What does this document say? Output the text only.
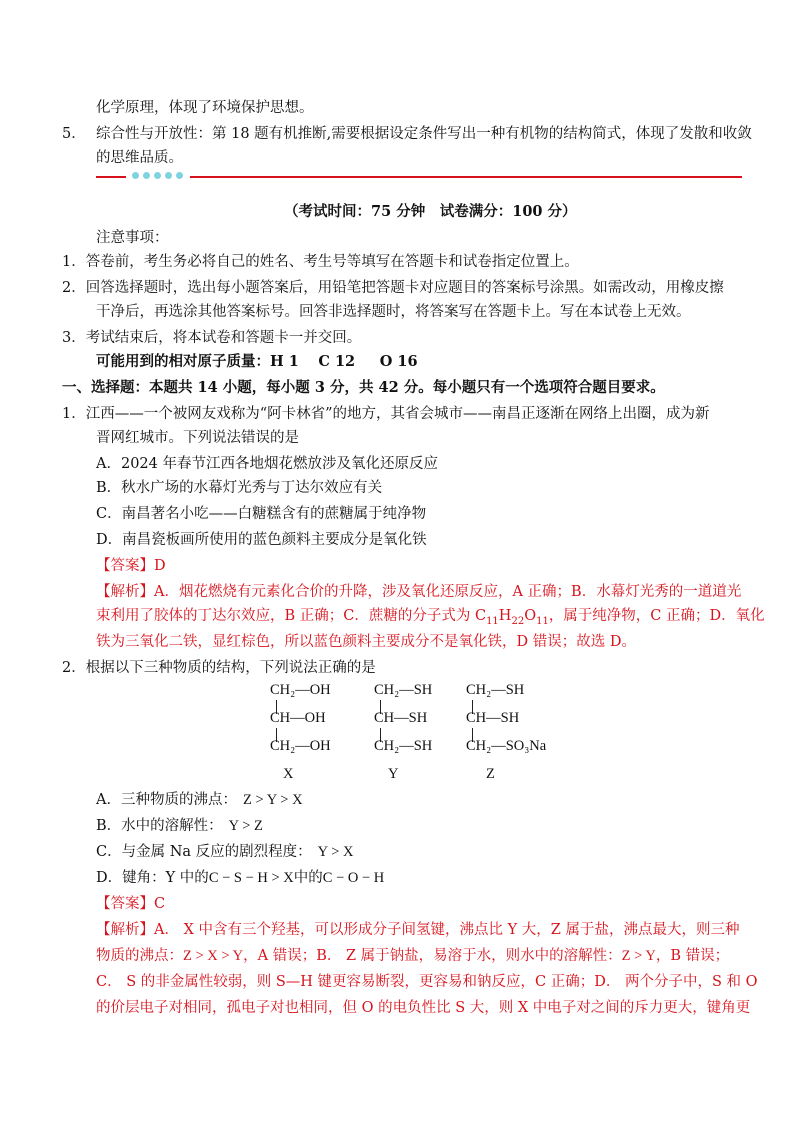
化学原理，体现了环境保护思想。
5． 综合性与开放性：第 18 题有机推断,需要根据设定条件写出一种有机物的结构简式，体现了发散和收敛
的思维品质。
（考试时间：75 分钟　试卷满分：100 分）
注意事项：
1．答卷前，考生务必将自己的姓名、考生号等填写在答题卡和试卷指定位置上。
2．回答选择题时，选出每小题答案后，用铅笔把答题卡对应题目的答案标号涂黑。如需改动，用橡皮擦
干净后，再选涂其他答案标号。回答非选择题时，将答案写在答题卡上。写在本试卷上无效。
3．考试结束后，将本试卷和答题卡一并交回。
可能用到的相对原子质量：H 1　 C 12 　 O 16
一、选择题：本题共 14 小题，每小题 3 分，共 42 分。每小题只有一个选项符合题目要求。
1．江西——一个被网友戏称为“阿卡林省”的地方，其省会城市——南昌正逐渐在网络上出圈，成为新
晋网红城市。下列说法错误的是
A．2024 年春节江西各地烟花燃放涉及氧化还原反应
B．秋水广场的水幕灯光秀与丁达尔效应有关
C．南昌著名小吃——白糖糕含有的蔗糖属于纯净物
D．南昌瓷板画所使用的蓝色颜料主要成分是氧化铁
【答案】D
【解析】A．烟花燃烧有元素化合价的升降，涉及氧化还原反应，A 正确；B．水幕灯光秀的一道道光
束利用了胶体的丁达尔效应，B 正确；C．蔗糖的分子式为 $C_{11}H_{22}O_{11}$，属于纯净物，C 正确；D．氧化
铁为三氧化二铁，显红棕色，所以蓝色颜料主要成分不是氧化铁，D 错误；故选 D。
2．根据以下三种物质的结构，下列说法正确的是
CH₂—OH
CH—OH
CH₂—OH
X
CH₂—SH
CH—SH
CH₂—SH
Y
CH₂—SH
CH—SH
CH₂—SO₃Na
Z
A．三种物质的沸点： Z > Y > X
B．水中的溶解性： Y > Z
C．与金属 Na 反应的剧烈程度： Y > X
D．键角：Y 中的C − S − H > X中的C − O − H
【答案】C
【解析】A． X 中含有三个羟基，可以形成分子间氢键，沸点比 Y 大，Z 属于盐，沸点最大，则三种
物质的沸点：Z > X > Y，A 错误；B． Z 属于钠盐，易溶于水，则水中的溶解性：Z > Y，B 错误；
C． S 的非金属性较弱，则 S—H 键更容易断裂，更容易和钠反应，C 正确；D． 两个分子中，S 和 O
的价层电子对相同，孤电子对也相同，但 O 的电负性比 S 大，则 X 中电子对之间的斥力更大，键角更
